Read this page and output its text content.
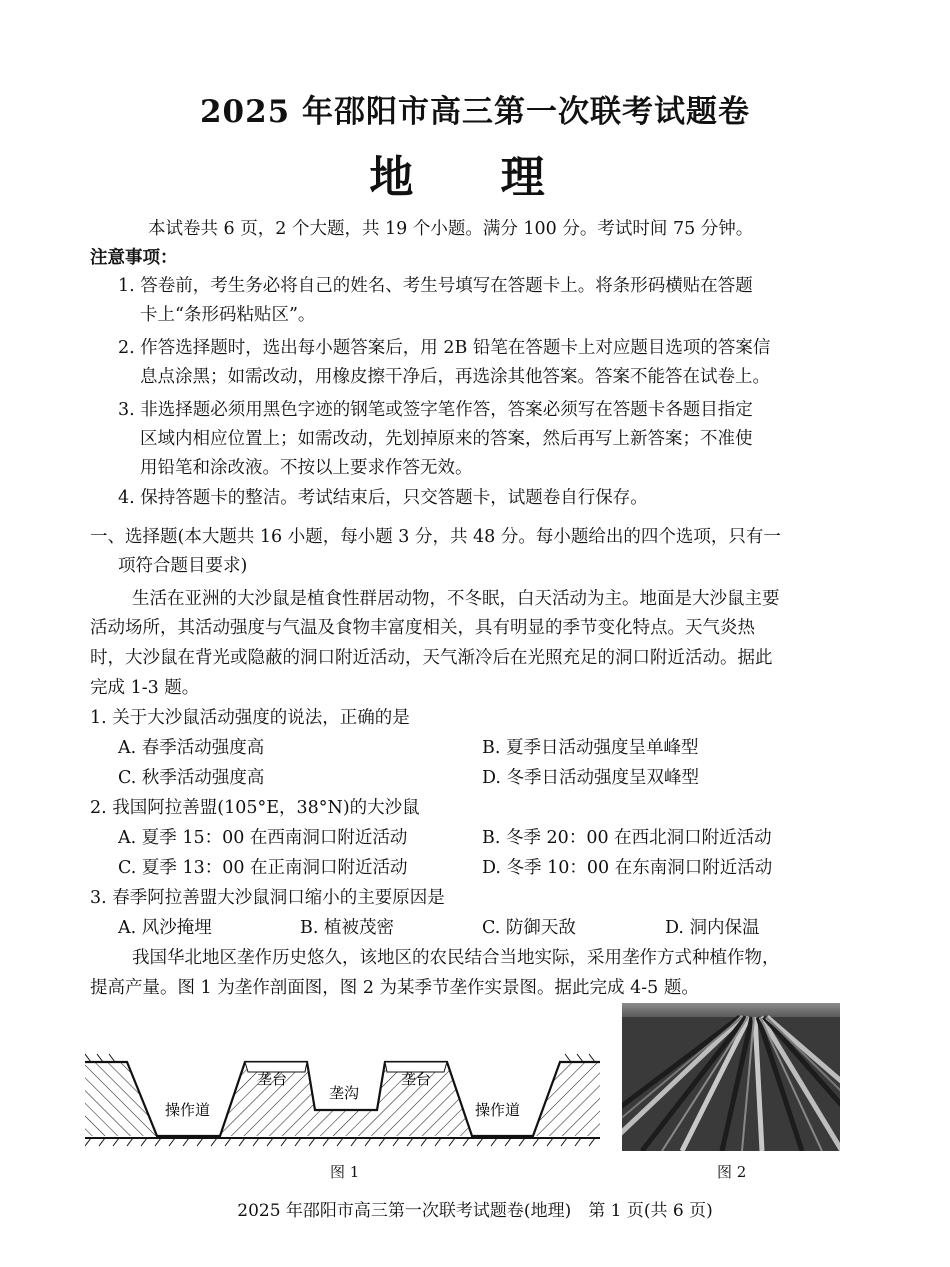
2025 年邵阳市高三第一次联考试题卷
地 理
本试卷共 6 页，2 个大题，共 19 个小题。满分 100 分。考试时间 75 分钟。
注意事项：
1. 答卷前，考生务必将自己的姓名、考生号填写在答题卡上。将条形码横贴在答题
卡上“条形码粘贴区”。
2. 作答选择题时，选出每小题答案后，用 2B 铅笔在答题卡上对应题目选项的答案信
息点涂黑；如需改动，用橡皮擦干净后，再选涂其他答案。答案不能答在试卷上。
3. 非选择题必须用黑色字迹的钢笔或签字笔作答，答案必须写在答题卡各题目指定
区域内相应位置上；如需改动，先划掉原来的答案，然后再写上新答案；不准使
用铅笔和涂改液。不按以上要求作答无效。
4. 保持答题卡的整洁。考试结束后，只交答题卡，试题卷自行保存。
一、选择题(本大题共 16 小题，每小题 3 分，共 48 分。每小题给出的四个选项，只有一
项符合题目要求)
生活在亚洲的大沙鼠是植食性群居动物，不冬眠，白天活动为主。地面是大沙鼠主要
活动场所，其活动强度与气温及食物丰富度相关，具有明显的季节变化特点。天气炎热
时，大沙鼠在背光或隐蔽的洞口附近活动，天气渐冷后在光照充足的洞口附近活动。据此
完成 1-3 题。
1. 关于大沙鼠活动强度的说法，正确的是
A. 春季活动强度高	B. 夏季日活动强度呈单峰型
C. 秋季活动强度高	D. 冬季日活动强度呈双峰型
2. 我国阿拉善盟(105°E，38°N)的大沙鼠
A. 夏季 15：00 在西南洞口附近活动	B. 冬季 20：00 在西北洞口附近活动
C. 夏季 13：00 在正南洞口附近活动	D. 冬季 10：00 在东南洞口附近活动
3. 春季阿拉善盟大沙鼠洞口缩小的主要原因是
A. 风沙掩埋	B. 植被茂密	C. 防御天敌	D. 洞内保温
我国华北地区垄作历史悠久，该地区的农民结合当地实际，采用垄作方式种植作物，
提高产量。图 1 为垄作剖面图，图 2 为某季节垄作实景图。据此完成 4-5 题。
操作道
垄台
垄沟
垄台
操作道
图 1	图 2
2025 年邵阳市高三第一次联考试题卷(地理)　第 1 页(共 6 页)
